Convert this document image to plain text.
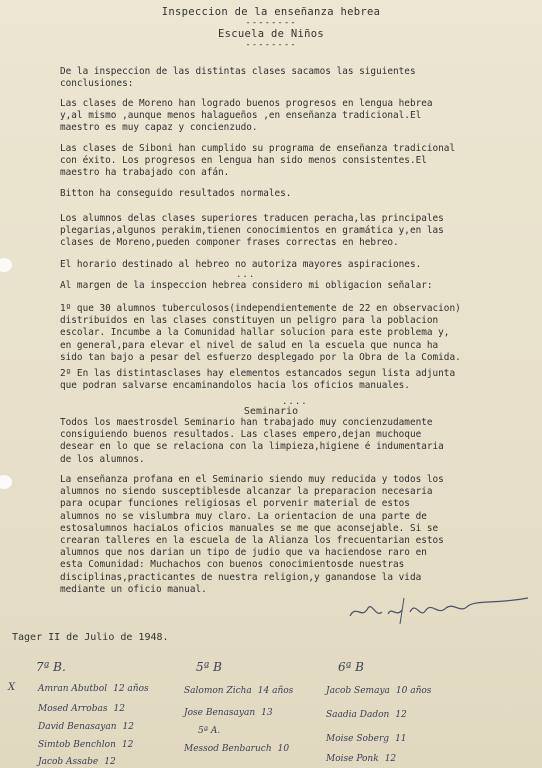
Inspeccion de la enseñanza hebrea
--------
Escuela de Niños
--------
De la inspeccion de las distintas clases sacamos las siguientes
conclusiones:
Las clases de Moreno han logrado buenos progresos en lengua hebrea
y,al mismo ,aunque menos halagueños ,en enseñanza tradicional.El
maestro es muy capaz y concienzudo.
Las clases de Siboni han cumplido su programa de enseñanza tradicional
con éxito. Los progresos en lengua han sido menos consistentes.El
maestro ha trabajado con afán.
Bitton ha conseguido resultados normales.
Los alumnos delas clases superiores traducen peracha,las principales
plegarias,algunos perakim,tienen conocimientos en gramática y,en las
clases de Moreno,pueden componer frases correctas en hebreo.
El horario destinado al hebreo no autoriza mayores aspiraciones.
...
Al margen de la inspeccion hebrea considero mi obligacion señalar:
1º que 30 alumnos tuberculosos(independientemente de 22 en observacion)
distribuidos en las clases constituyen un peligro para la poblacion
escolar. Incumbe a la Comunidad hallar solucion para este problema y,
en general,para elevar el nivel de salud en la escuela que nunca ha
sido tan bajo a pesar del esfuerzo desplegado por la Obra de la Comida.
2º En las distintasclases hay elementos estancados segun lista adjunta
que podran salvarse encaminandolos hacia los oficios manuales.
....
Seminario
Todos los maestrosdel Seminario han trabajado muy concienzudamente
consiguiendo buenos resultados. Las clases empero,dejan muchoque
desear en lo que se relaciona con la limpieza,higiene é indumentaria
de los alumnos.
La enseñanza profana en el Seminario siendo muy reducida y todos los
alumnos no siendo susceptiblesde alcanzar la preparacion necesaria
para ocupar funciones religiosas el porvenir material de estos
alumnos no se vislumbra muy claro. La orientacion de una parte de
estosalumnos haciaLos oficios manuales se me que aconsejable. Si se
crearan talleres en la escuela de la Alianza los frecuentarian estos
alumnos que nos darian un tipo de judio que va haciendose raro en
esta Comunidad: Muchachos con buenos conocimientosde nuestras
disciplinas,practicantes de nuestra religion,y ganandose la vida
mediante un oficio manual.
Tager II de Julio de 1948.
X
7ª B.	5ª B	6ª B
Amran Abutbol 12 años
Mosed Arrobas 12
David Benasayan 12
Simtob Benchlon 12
Jacob Assabe 12
Salomon Zicha 14 años
Jose Benasayan 13
5ª A.
Messod Benbaruch 10
Jacob Semaya 10 años
Saadia Dadon 12
Moise Soberg 11
Moise Ponk 12
